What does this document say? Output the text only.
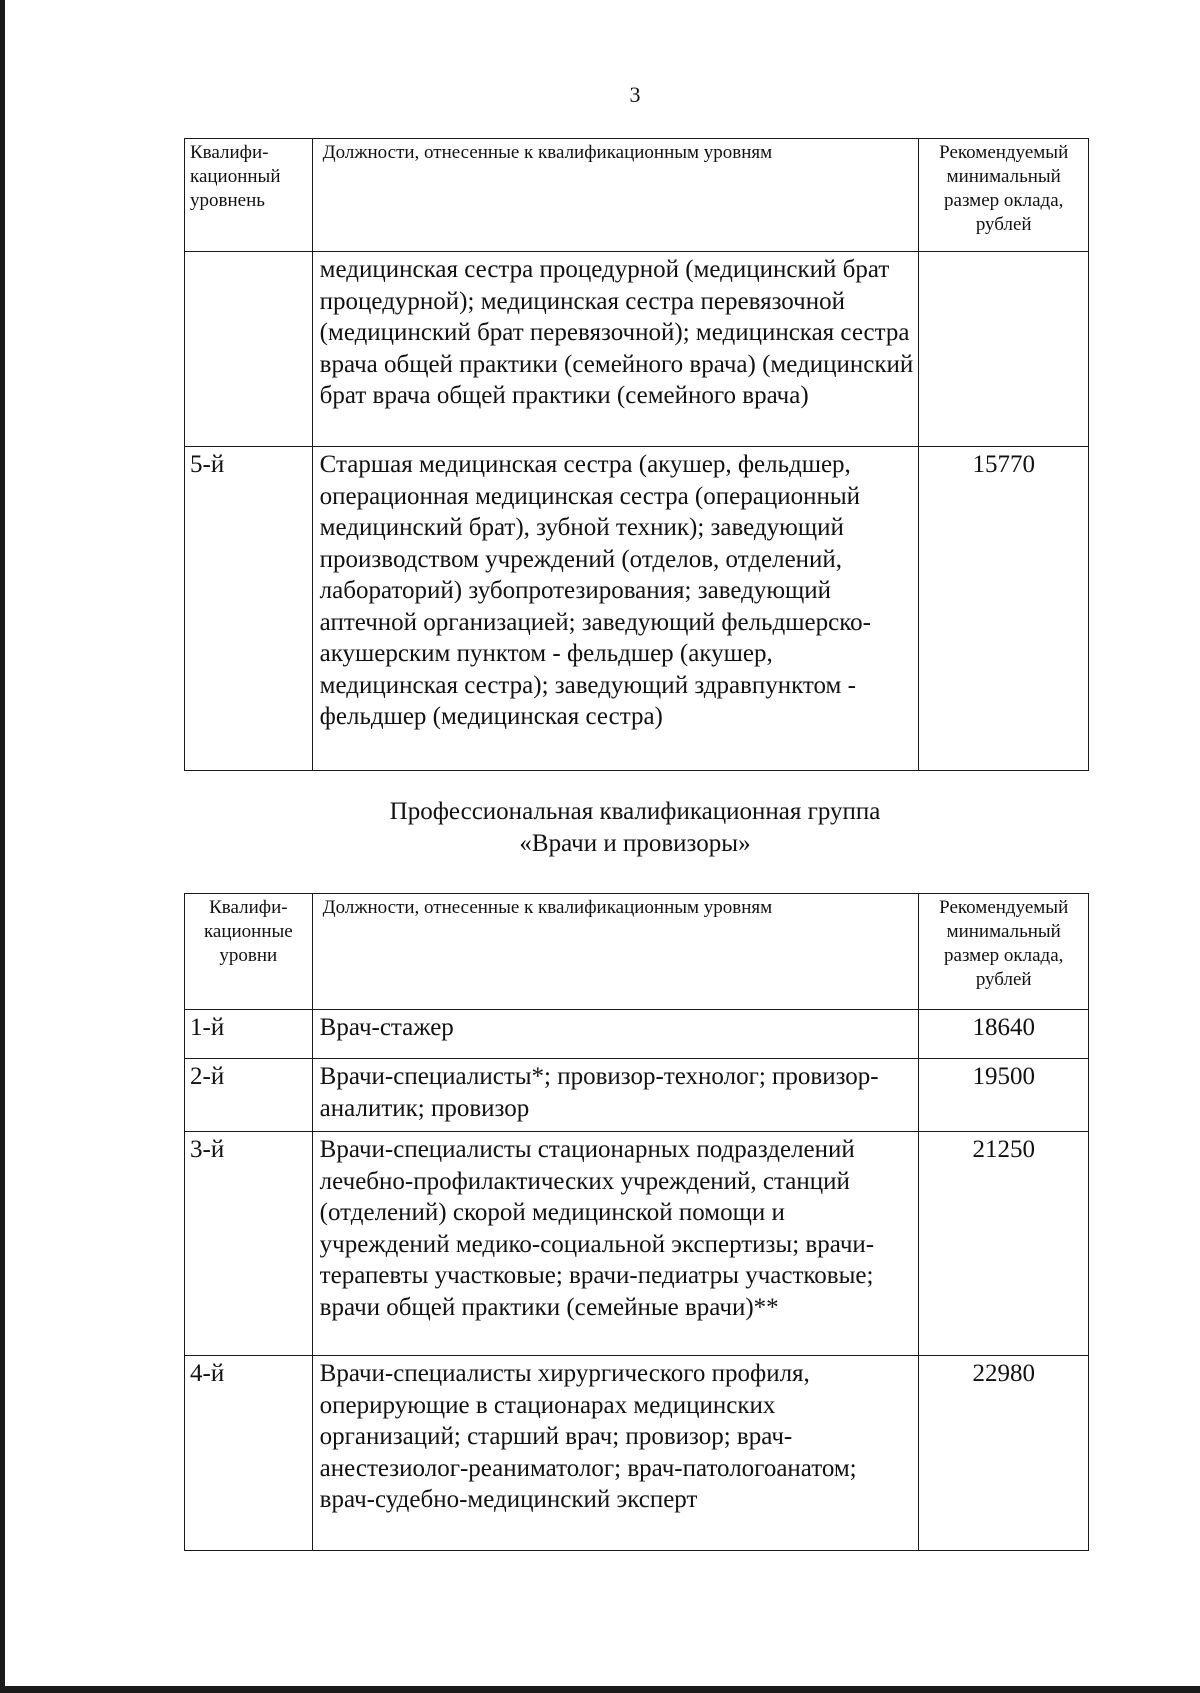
3
Квалифи-кационный уровнень	Должности, отнесенные к квалификационным уровням	Рекомендуемый минимальный размер оклада, рублей
	медицинская сестра процедурной (медицинский брат процедурной); медицинская сестра перевязочной (медицинский брат перевязочной); медицинская сестра врача общей практики (семейного врача) (медицинский брат врача общей практики (семейного врача)	
5-й	Старшая медицинская сестра (акушер, фельдшер, операционная медицинская сестра (операционный медицинский брат), зубной техник); заведующий производством учреждений (отделов, отделений, лабораторий) зубопротезирования; заведующий аптечной организацией; заведующий фельдшерско-акушерским пунктом - фельдшер (акушер, медицинская сестра); заведующий здравпунктом - фельдшер (медицинская сестра)	15770
Профессиональная квалификационная группа
«Врачи и провизоры»
Квалифи-кационные уровни	Должности, отнесенные к квалификационным уровням	Рекомендуемый минимальный размер оклада, рублей
1-й	Врач-стажер	18640
2-й	Врачи-специалисты*; провизор-технолог; провизор-аналитик; провизор	19500
3-й	Врачи-специалисты стационарных подразделений лечебно-профилактических учреждений, станций (отделений) скорой медицинской помощи и учреждений медико-социальной экспертизы; врачи-терапевты участковые; врачи-педиатры участковые; врачи общей практики (семейные врачи)**	21250
4-й	Врачи-специалисты хирургического профиля, оперирующие в стационарах медицинских организаций; старший врач; провизор; врач-анестезиолог-реаниматолог; врач-патологоанатом; врач-судебно-медицинский эксперт	22980
